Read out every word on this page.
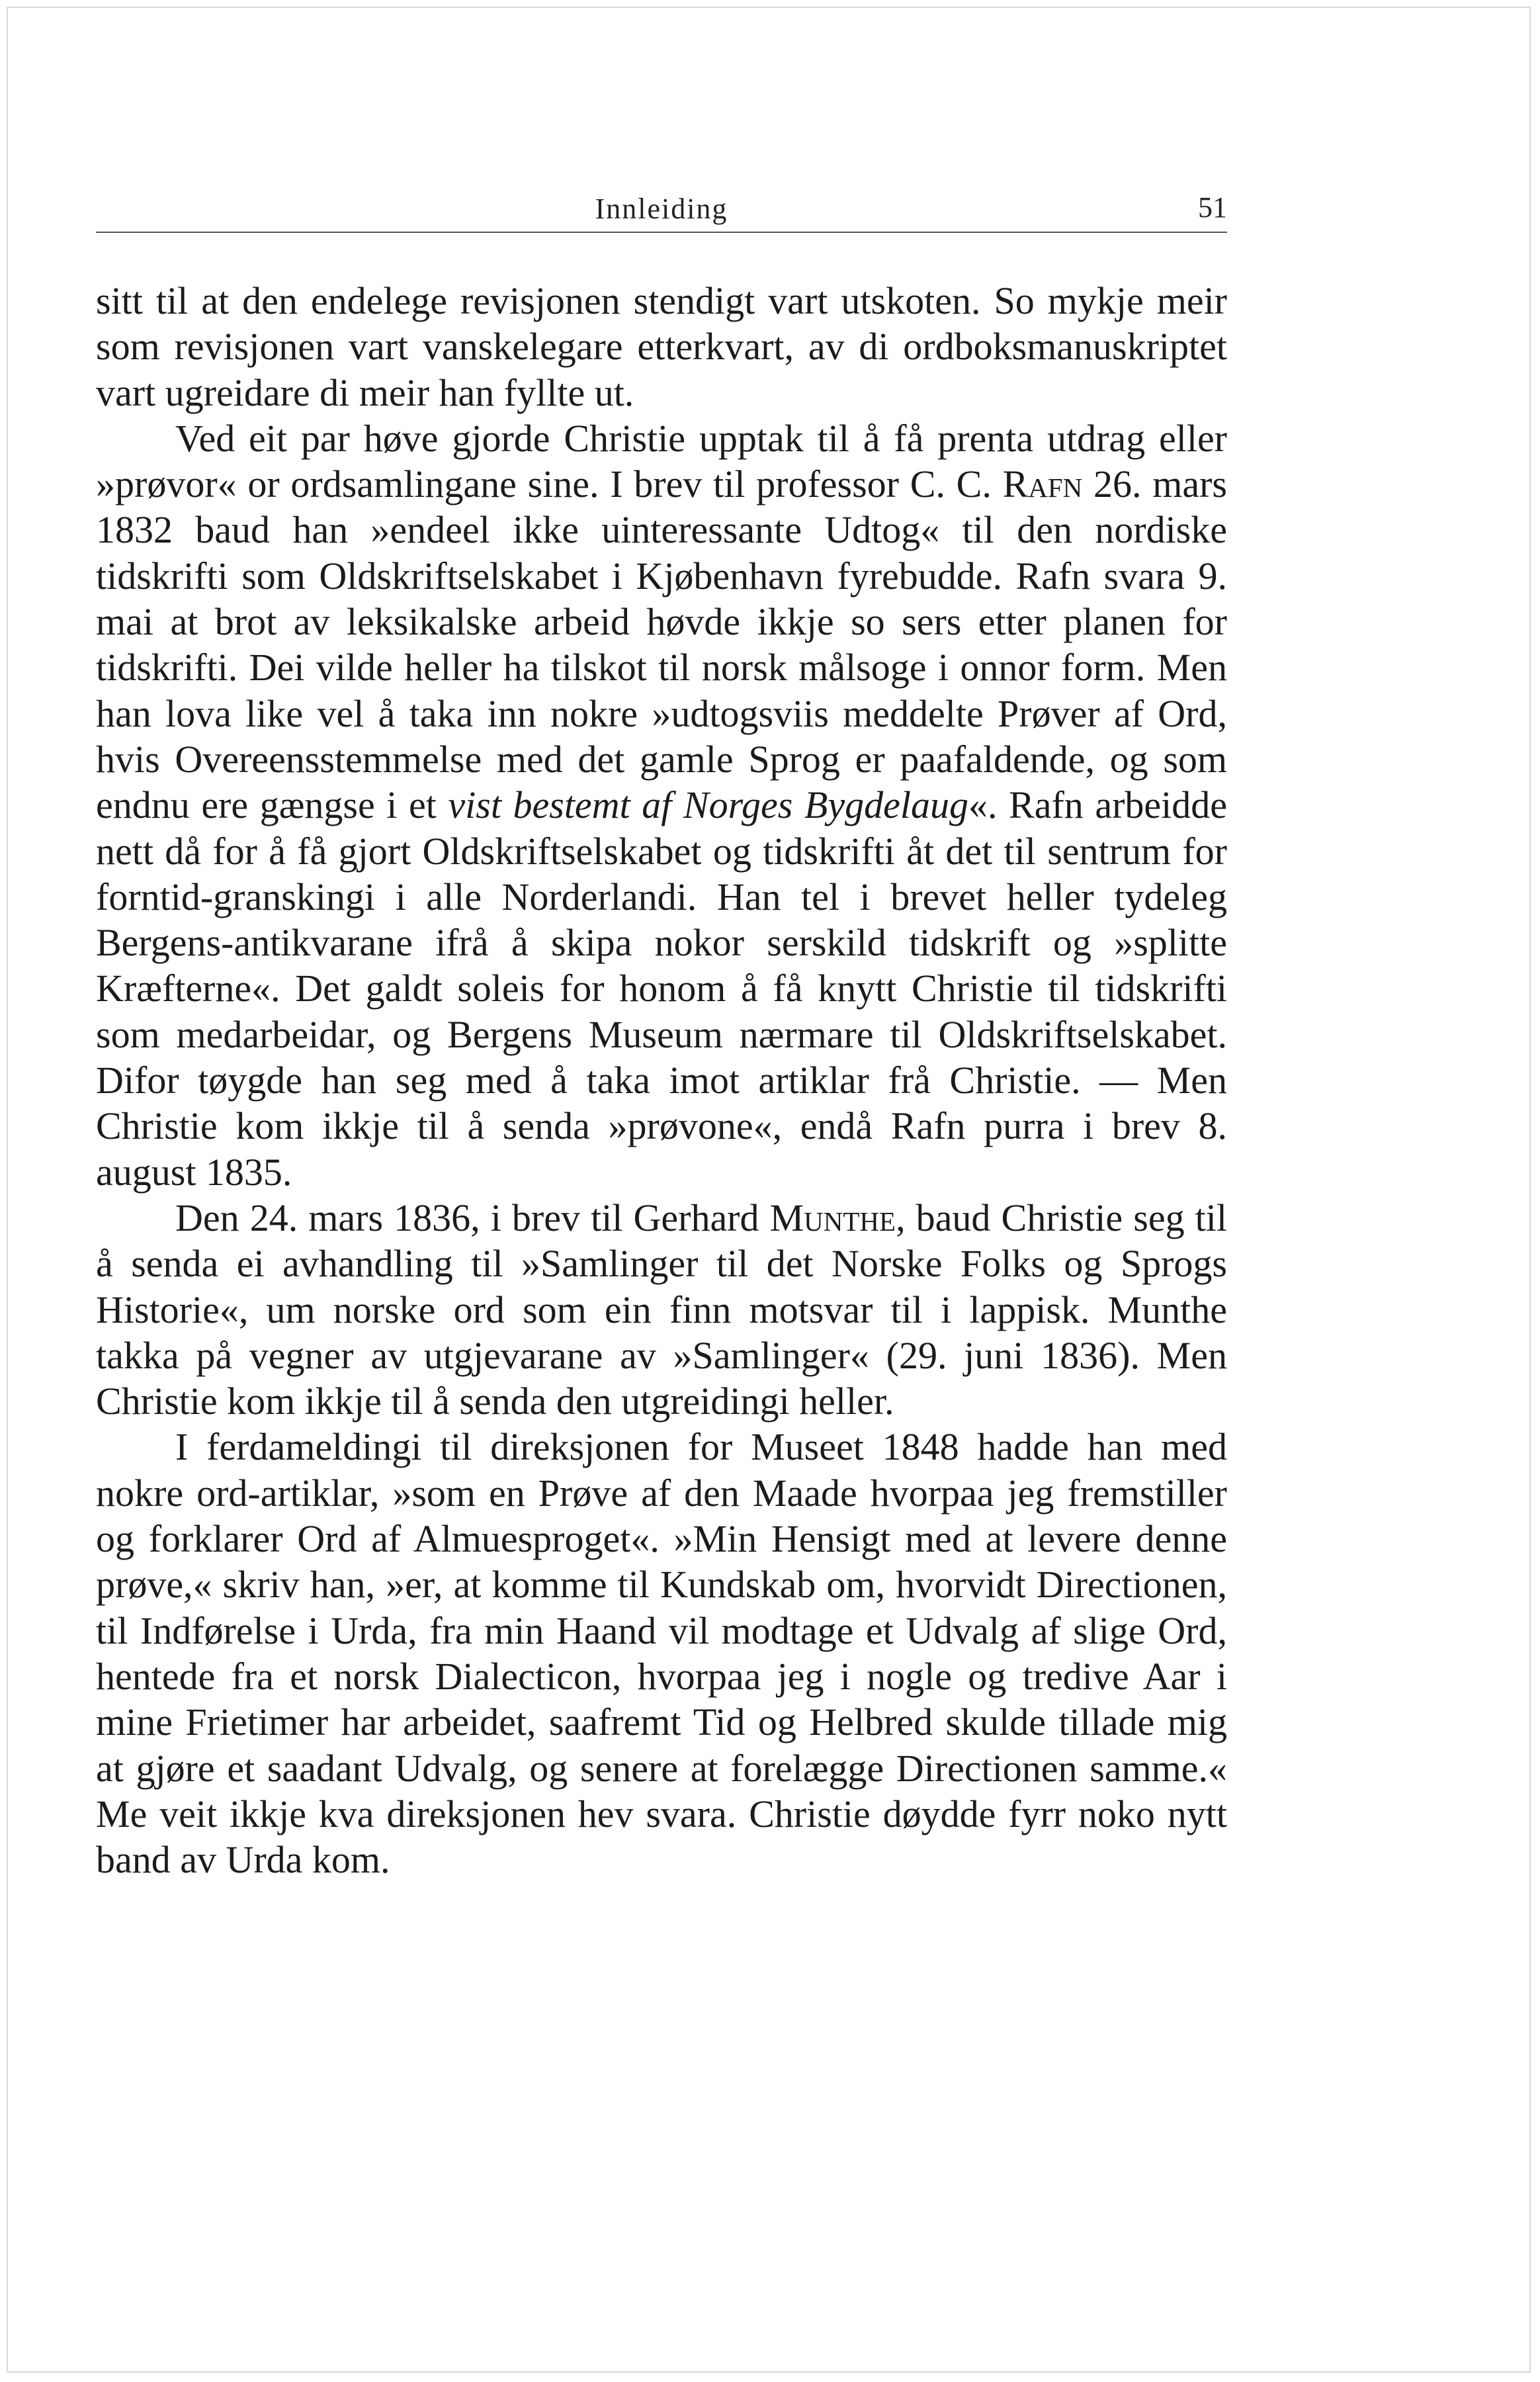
Innleiding	51

sitt til at den endelege revisjonen stendigt vart utskoten. So mykje meir som revisjonen vart vanskelegare etterkvart, av di ordboksmanuskriptet vart ugreidare di meir han fyllte ut.

Ved eit par høve gjorde Christie upptak til å få prenta utdrag eller »prøvor« or ordsamlingane sine. I brev til professor C. C. Rafn 26. mars 1832 baud han »endeel ikke uinteressante Udtog« til den nordiske tidskrifti som Oldskriftselskabet i Kjøbenhavn fyrebudde. Rafn svara 9. mai at brot av leksikalske arbeid høvde ikkje so sers etter planen for tidskrifti. Dei vilde heller ha tilskot til norsk målsoge i onnor form. Men han lova like vel å taka inn nokre »udtogsviis meddelte Prøver af Ord, hvis Overeensstemmelse med det gamle Sprog er paafaldende, og som endnu ere gængse i et vist bestemt af Norges Bygdelaug«. Rafn arbeidde nett då for å få gjort Oldskriftselskabet og tidskrifti åt det til sentrum for forntid-granskingi i alle Norderlandi. Han tel i brevet heller tydeleg Bergens-antikvarane ifrå å skipa nokor serskild tidskrift og »splitte Kræfterne«. Det galdt soleis for honom å få knytt Christie til tidskrifti som medarbeidar, og Bergens Museum nærmare til Oldskriftselskabet. Difor tøygde han seg med å taka imot artiklar frå Christie. — Men Christie kom ikkje til å senda »prøvone«, endå Rafn purra i brev 8. august 1835.

Den 24. mars 1836, i brev til Gerhard Munthe, baud Christie seg til å senda ei avhandling til »Samlinger til det Norske Folks og Sprogs Historie«, um norske ord som ein finn motsvar til i lappisk. Munthe takka på vegner av utgjevarane av »Samlinger« (29. juni 1836). Men Christie kom ikkje til å senda den utgreidingi heller.

I ferdameldingi til direksjonen for Museet 1848 hadde han med nokre ord-artiklar, »som en Prøve af den Maade hvorpaa jeg fremstiller og forklarer Ord af Almuesproget«. »Min Hensigt med at levere denne prøve,« skriv han, »er, at komme til Kundskab om, hvorvidt Directionen, til Indførelse i Urda, fra min Haand vil modtage et Udvalg af slige Ord, hentede fra et norsk Dialecticon, hvorpaa jeg i nogle og tredive Aar i mine Frietimer har arbeidet, saafremt Tid og Helbred skulde tillade mig at gjøre et saadant Udvalg, og senere at forelægge Directionen samme.« Me veit ikkje kva direksjonen hev svara. Christie døydde fyrr noko nytt band av Urda kom.
